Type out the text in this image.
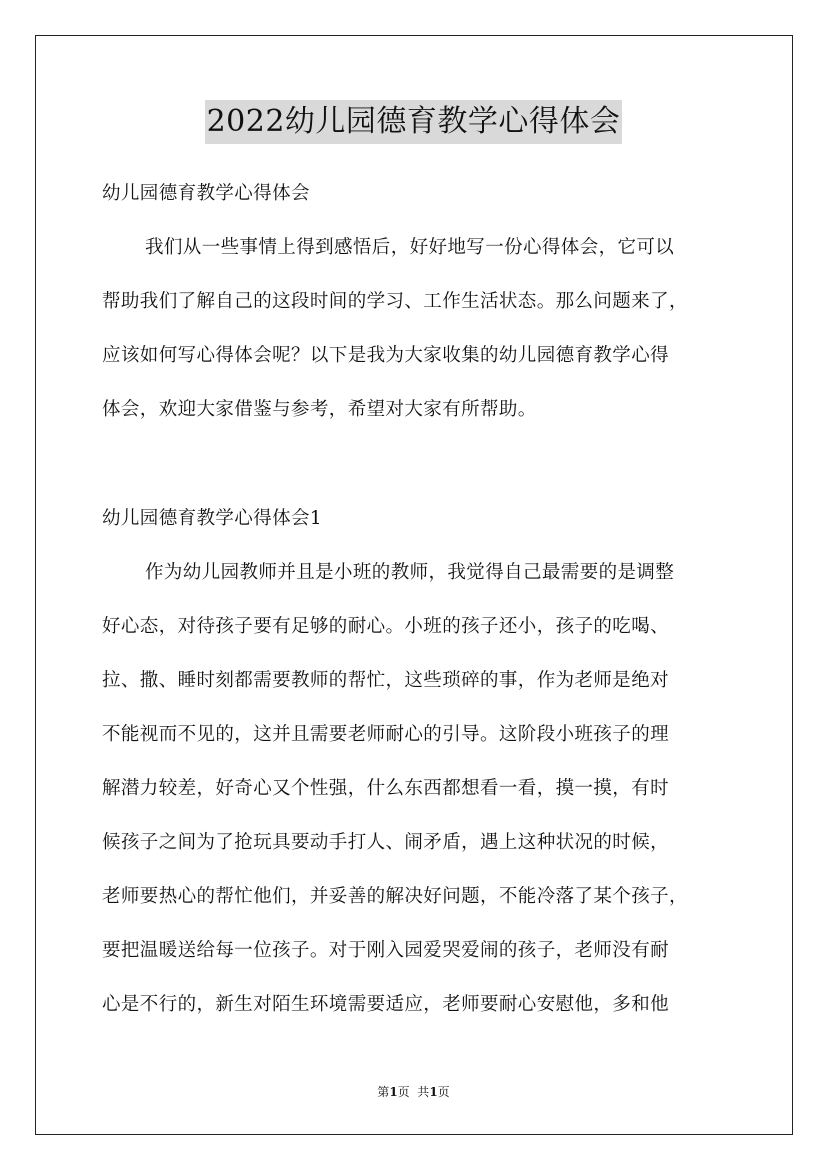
2022幼儿园德育教学心得体会
幼儿园德育教学心得体会
我们从一些事情上得到感悟后，好好地写一份心得体会，它可以
帮助我们了解自己的这段时间的学习、工作生活状态。那么问题来了，
应该如何写心得体会呢？以下是我为大家收集的幼儿园德育教学心得
体会，欢迎大家借鉴与参考，希望对大家有所帮助。
幼儿园德育教学心得体会1
作为幼儿园教师并且是小班的教师，我觉得自己最需要的是调整
好心态，对待孩子要有足够的耐心。小班的孩子还小，孩子的吃喝、
拉、撒、睡时刻都需要教师的帮忙，这些琐碎的事，作为老师是绝对
不能视而不见的，这并且需要老师耐心的引导。这阶段小班孩子的理
解潜力较差，好奇心又个性强，什么东西都想看一看，摸一摸，有时
候孩子之间为了抢玩具要动手打人、闹矛盾，遇上这种状况的时候，
老师要热心的帮忙他们，并妥善的解决好问题，不能冷落了某个孩子，
要把温暖送给每一位孩子。对于刚入园爱哭爱闹的孩子，老师没有耐
心是不行的，新生对陌生环境需要适应，老师要耐心安慰他，多和他
第1页  共1页
